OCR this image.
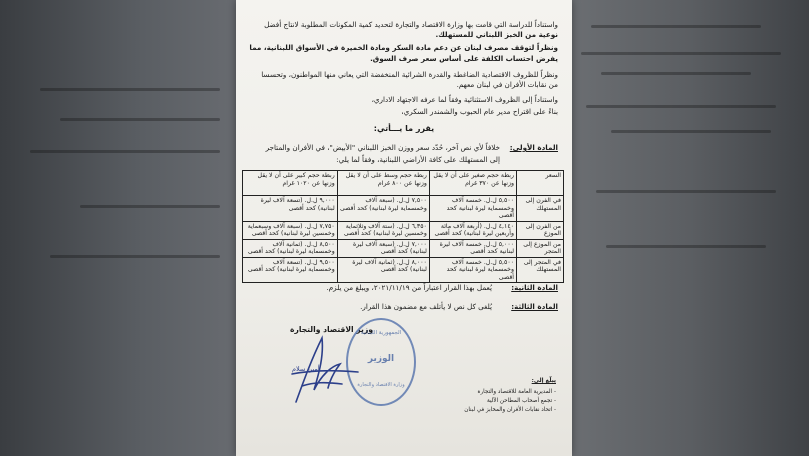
واستناداً للدراسة التي قامت بها وزارة الاقتصاد والتجارة لتحديد كمية المكونات المطلوبة لانتاج أفضل
نوعية من الخبز اللبناني للمستهلك.
ونظراً لتوقف مصرف لبنان عن دعم مادة السكر ومادة الخميرة في الأسواق اللبنانية، مما
يفرض احتساب الكلفة على أساس سعر صرف السوق.
ونظراً للظروف الاقتصادية الضاغطة والقدرة الشرائية المنخفضة التي يعاني منها المواطنون، وتحسسا
من نقابات الأفران في لبنان معهم.
واستناداً إلى الظروف الاستثنائية وفقاً لما عرفه الاجتهاد الاداري،
بناءً على اقتراح مدير عام الحبوب والشمندر السكري،
يقرر ما يـــأتي:
المادة الأولى:
خلافاً لأي نص آخر، حُدّد سعر ووزن الخبز اللبناني "الأبيض"، في الأفران والمتاجر
إلى المستهلك على كافة الأراضي اللبنانية، وفقاً لما يلي:
السعر	ربطة حجم صغير على أن لا يقل وزنها عن ٣٧٠ غرام	ربطة حجم وسط على أن لا يقل وزنها عن ٨٠٠ غرام	ربطة حجم كبير على أن لا يقل وزنها عن ١٠٢٠ غرام
في الفرن إلى المستهلك	٥,٥٠٠ ل.ل. خمسة آلاف وخمسماية ليرة لبنانية كحد أقصى	٧,٥٠٠ ل.ل. (سبعة آلاف وخمسماية ليرة لبنانية) كحد أقصى	٩,٠٠٠ ل.ل. (تسعة آلاف ليرة لبنانية) كحد أقصى
من الفرن إلى الموزع	٤,١٤٠ ل.ل. (أربعة آلاف مائة وأربعين ليرة لبنانية) كحد أقصى	٦,٣٥٠ ل.ل. (ستة آلاف وثلاثماية وخمسين ليرة لبنانية) كحد أقصى	٧,٧٥٠ ل.ل. (سبعة آلاف وسبعماية وخمسين ليرة لبنانية) كحد أقصى
من الموزع إلى المتجر	٥,٠٠٠ ل.ل. خمسة آلاف ليرة لبنانية كحد أقصى	٧,٠٠٠ ل.ل. (سبعة آلاف ليرة لبنانية) كحد أقصى	٨,٥٠٠ ل.ل. (ثمانية آلاف وخمسماية ليرة لبنانية) كحد أقصى
في المتجر إلى المستهلك	٥,٥٠٠ ل.ل. خمسة آلاف وخمسماية ليرة لبنانية كحد أقصى	٨,٠٠٠ ل.ل. (ثمانية آلاف ليرة لبنانية) كحد أقصى	٩,٥٠٠ ل.ل. (تسعة آلاف وخمسماية ليرة لبنانية) كحد أقصى
المادة الثانية:
يُعمل بهذا القرار اعتباراً من ٢٠٢١/١١/١٩، ويبلغ من يلزم.
المادة الثالثة:
يُلغى كل نص لا يأتلف مع مضمون هذا القرار.
وزير الاقتصاد والتجارة
الجمهورية اللبنانية
الوزير
وزارة الاقتصاد والتجارة
أمين سلام
يبلّغ إلى:
- المديرية العامة للاقتصاد والتجارة
- تجمع أصحاب المطاحن الآلية
- اتحاد نقابات الأفران والمخابز في لبنان
